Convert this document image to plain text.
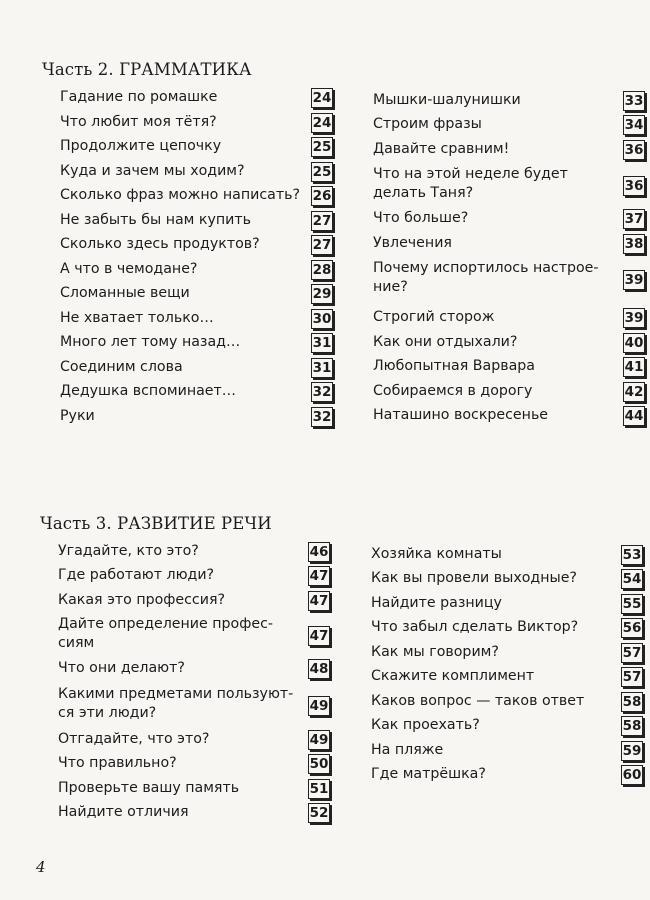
Часть 2. ГРАММАТИКА
Часть 3. РАЗВИТИЕ РЕЧИ
Гадание по ромашке	24
Что любит моя тётя?	24
Продолжите цепочку	25
Куда и зачем мы ходим?	25
Сколько фраз можно написать? 26
Не забыть бы нам купить	27
Сколько здесь продуктов?	27
А что в чемодане?	28
Сломанные вещи	29
Не хватает только…	30
Много лет тому назад…	31
Соединим слова	31
Дедушка вспоминает…	32
Руки	32
Мышки-шалунишки	33
Строим фразы	34
Давайте сравним!	36
Что на этой неделе будет
делать Таня?	36
Что больше?	37
Увлечения	38
Почему испортилось настрое-
ние?	39
Строгий сторож	39
Как они отдыхали?	40
Любопытная Варвара	41
Собираемся в дорогу	42
Наташино воскресенье	44
Угадайте, кто это?	46
Где работают люди?	47
Какая это профессия?	47
Дайте определение профес-
сиям	47
Что они делают?	48
Какими предметами пользуют-
ся эти люди?	49
Отгадайте, что это?	49
Что правильно?	50
Проверьте вашу память	51
Найдите отличия	52
Хозяйка комнаты	53
Как вы провели выходные?	54
Найдите разницу	55
Что забыл сделать Виктор?	56
Как мы говорим?	57
Скажите комплимент	57
Каков вопрос — таков ответ	58
Как проехать?	58
На пляже	59
Где матрёшка?	60
4
